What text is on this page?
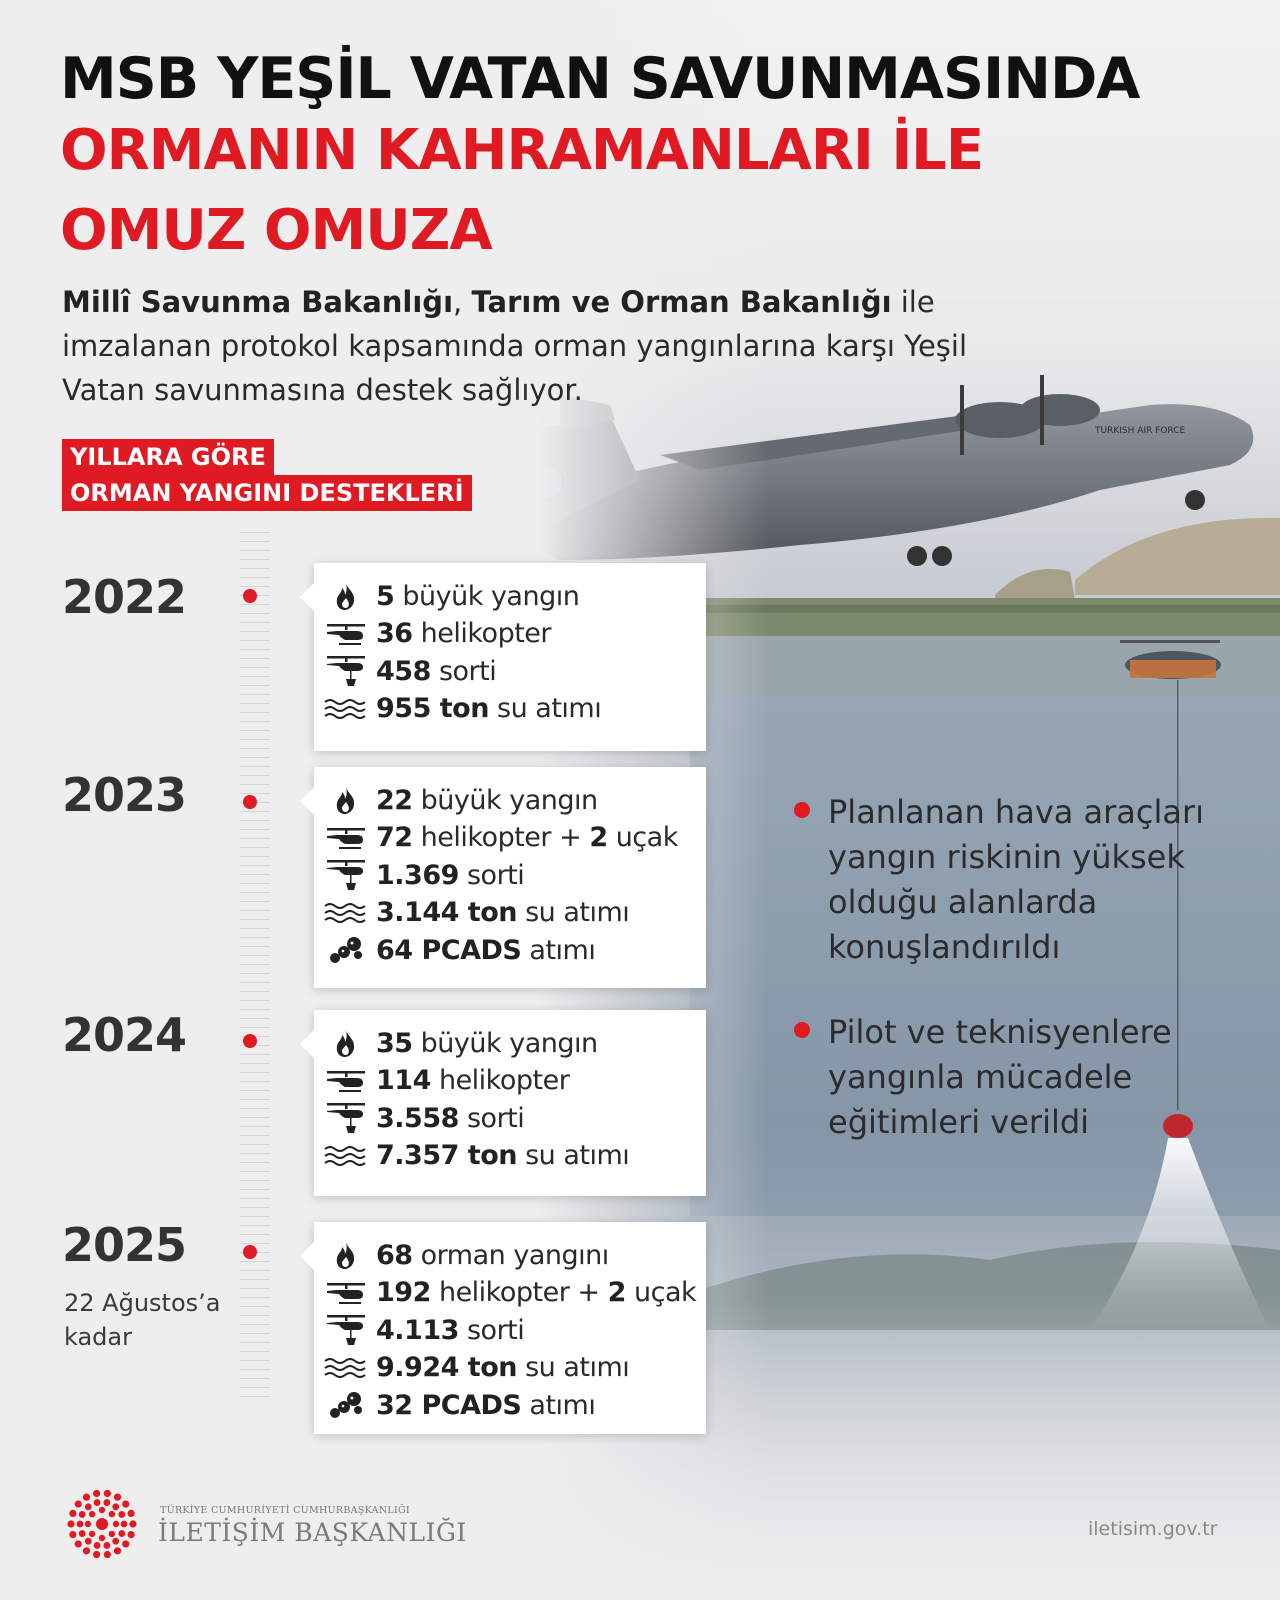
MSB YEŞİL VATAN SAVUNMASINDA
ORMANIN KAHRAMANLARI İLE
OMUZ OMUZA

Millî Savunma Bakanlığı, Tarım ve Orman Bakanlığı ile imzalanan protokol kapsamında orman yangınlarına karşı Yeşil Vatan savunmasına destek sağlıyor.

YILLARA GÖRE
ORMAN YANGINI DESTEKLERİ
2022
2023
2024
2025
22 Ağustos’a
kadar
5 büyük yangın
36 helikopter
458 sorti
955 ton su atımı
22 büyük yangın
72 helikopter + 2 uçak
1.369 sorti
3.144 ton su atımı
64 PCADS atımı
35 büyük yangın
114 helikopter
3.558 sorti
7.357 ton su atımı
68 orman yangını
192 helikopter + 2 uçak
4.113 sorti
9.924 ton su atımı
32 PCADS atımı
Planlanan hava araçları yangın riskinin yüksek olduğu alanlarda konuşlandırıldı
Pilot ve teknisyenlere yangınla mücadele eğitimleri verildi
TÜRKİYE CUMHURİYETİ CUMHURBAŞKANLIĞI
İLETİŞİM BAŞKANLIĞI	iletisim.gov.tr
